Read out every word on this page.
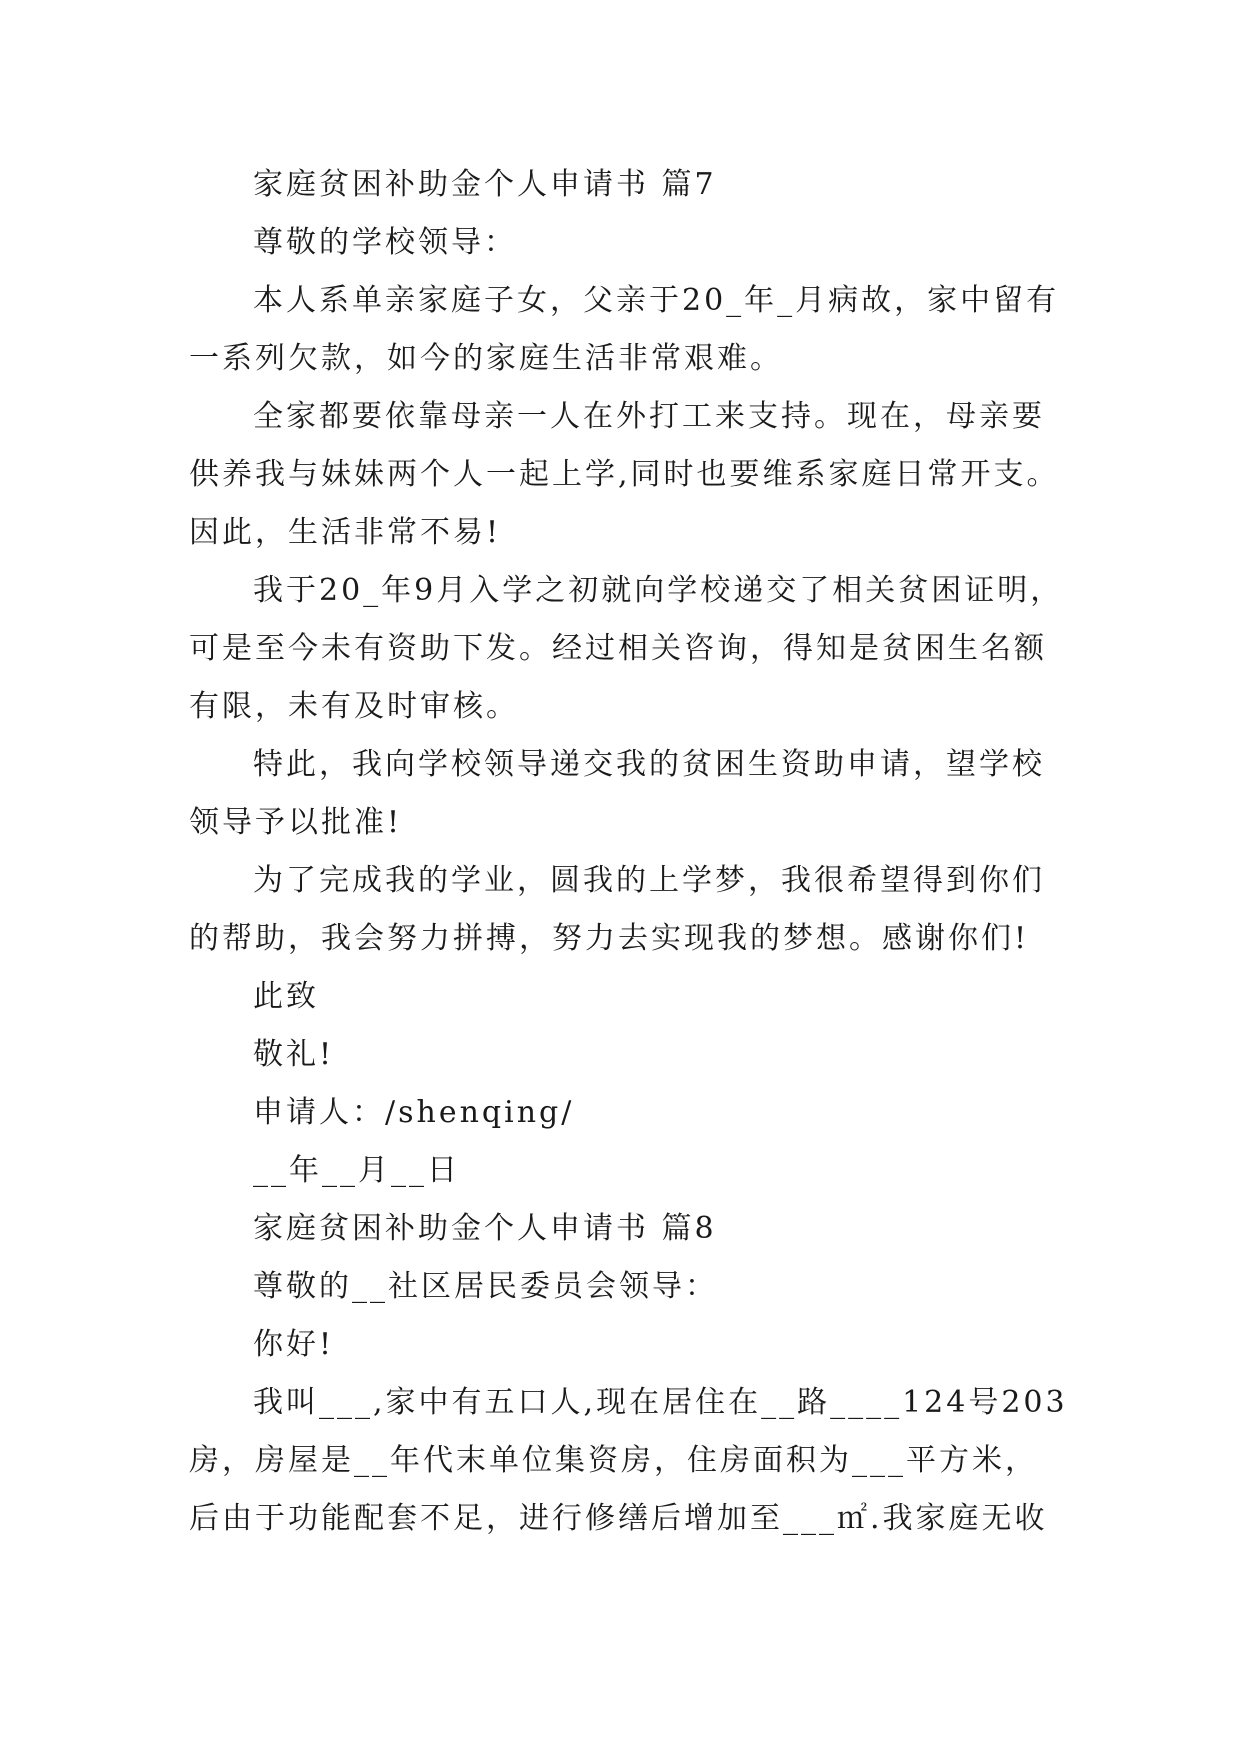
家庭贫困补助金个人申请书 篇7
尊敬的学校领导：
本人系单亲家庭子女，父亲于20_年_月病故，家中留有
一系列欠款，如今的家庭生活非常艰难。
全家都要依靠母亲一人在外打工来支持。现在，母亲要
供养我与妹妹两个人一起上学,同时也要维系家庭日常开支。
因此，生活非常不易!
我于20_年9月入学之初就向学校递交了相关贫困证明，
可是至今未有资助下发。经过相关咨询，得知是贫困生名额
有限，未有及时审核。
特此，我向学校领导递交我的贫困生资助申请，望学校
领导予以批准!
为了完成我的学业，圆我的上学梦，我很希望得到你们
的帮助，我会努力拼搏，努力去实现我的梦想。感谢你们!
此致
敬礼!
申请人：/shenqing/
__年__月__日
家庭贫困补助金个人申请书 篇8
尊敬的__社区居民委员会领导：
你好!
我叫___,家中有五口人,现在居住在__路____124号203
房，房屋是__年代末单位集资房，住房面积为___平方米，
后由于功能配套不足，进行修缮后增加至___㎡.我家庭无收
